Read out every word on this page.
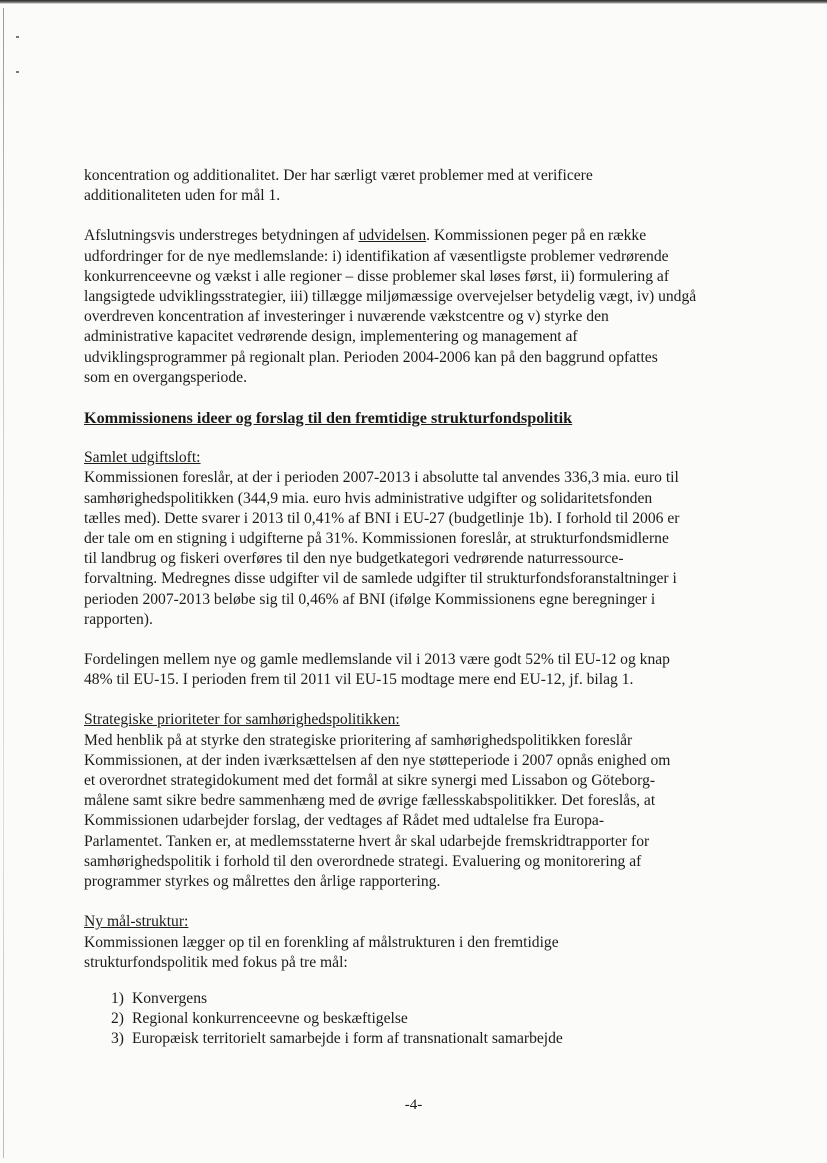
koncentration og additionalitet. Der har særligt været problemer med at verificere

additionaliteten uden for mål 1.

Afslutningsvis understreges betydningen af udvidelsen. Kommissionen peger på en række

udfordringer for de nye medlemslande: i) identifikation af væsentligste problemer vedrørende

konkurrenceevne og vækst i alle regioner – disse problemer skal løses først, ii) formulering af

langsigtede udviklingsstrategier, iii) tillægge miljømæssige overvejelser betydelig vægt, iv) undgå

overdreven koncentration af investeringer i nuværende vækstcentre og v) styrke den

administrative kapacitet vedrørende design, implementering og management af

udviklingsprogrammer på regionalt plan. Perioden 2004-2006 kan på den baggrund opfattes

som en overgangsperiode.

Kommissionens ideer og forslag til den fremtidige strukturfondspolitik

Samlet udgiftsloft:

Kommissionen foreslår, at der i perioden 2007-2013 i absolutte tal anvendes 336,3 mia. euro til

samhørighedspolitikken (344,9 mia. euro hvis administrative udgifter og solidaritetsfonden

tælles med). Dette svarer i 2013 til 0,41% af BNI i EU-27 (budgetlinje 1b). I forhold til 2006 er

der tale om en stigning i udgifterne på 31%. Kommissionen foreslår, at strukturfondsmidlerne

til landbrug og fiskeri overføres til den nye budgetkategori vedrørende naturressource-

forvaltning. Medregnes disse udgifter vil de samlede udgifter til strukturfondsforanstaltninger i

perioden 2007-2013 beløbe sig til 0,46% af BNI (ifølge Kommissionens egne beregninger i

rapporten).

Fordelingen mellem nye og gamle medlemslande vil i 2013 være godt 52% til EU-12 og knap

48% til EU-15. I perioden frem til 2011 vil EU-15 modtage mere end EU-12, jf. bilag 1.

Strategiske prioriteter for samhørighedspolitikken:

Med henblik på at styrke den strategiske prioritering af samhørighedspolitikken foreslår

Kommissionen, at der inden iværksættelsen af den nye støtteperiode i 2007 opnås enighed om

et overordnet strategidokument med det formål at sikre synergi med Lissabon og Göteborg-

målene samt sikre bedre sammenhæng med de øvrige fællesskabspolitikker. Det foreslås, at

Kommissionen udarbejder forslag, der vedtages af Rådet med udtalelse fra Europa-

Parlamentet. Tanken er, at medlemsstaterne hvert år skal udarbejde fremskridtrapporter for

samhørighedspolitik i forhold til den overordnede strategi. Evaluering og monitorering af

programmer styrkes og målrettes den årlige rapportering.

Ny mål-struktur:

Kommissionen lægger op til en forenkling af målstrukturen i den fremtidige

strukturfondspolitik med fokus på tre mål:

1) Konvergens
2) Regional konkurrenceevne og beskæftigelse
3) Europæisk territorielt samarbejde i form af transnationalt samarbejde
-4-
